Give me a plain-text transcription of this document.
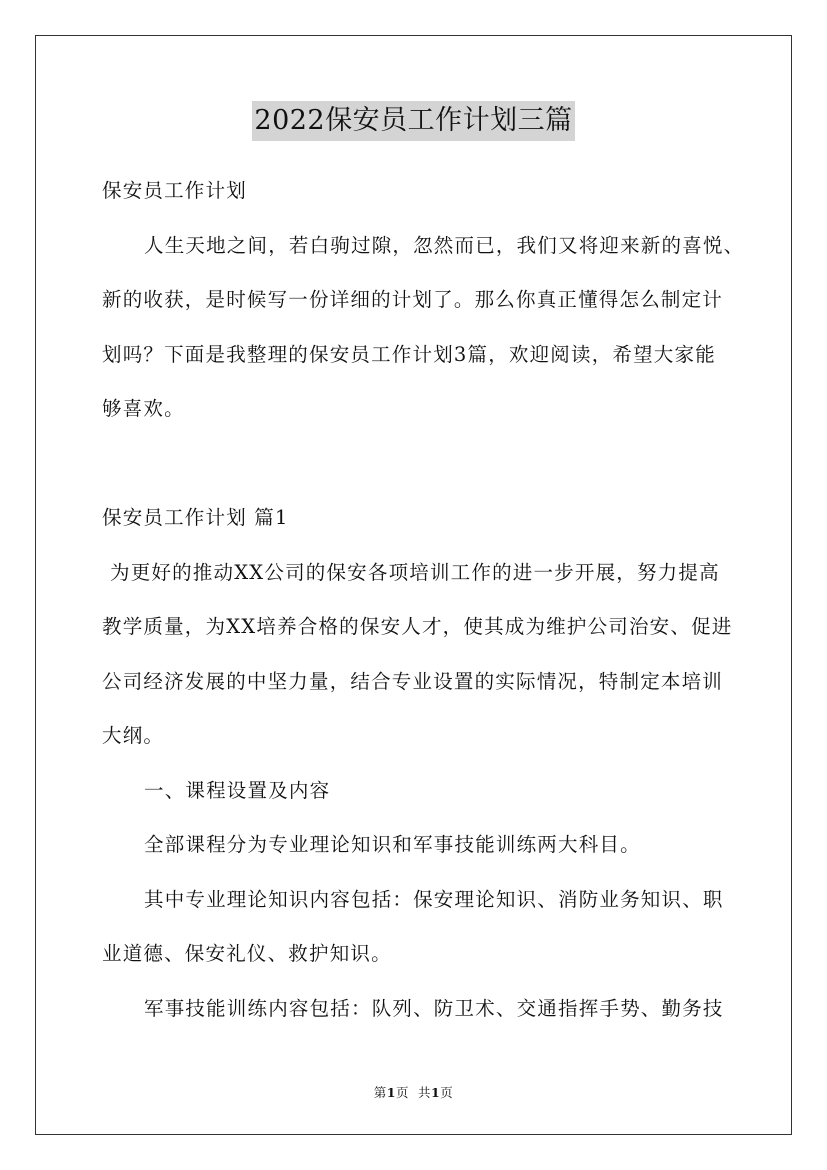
2022保安员工作计划三篇
保安员工作计划
人生天地之间，若白驹过隙，忽然而已，我们又将迎来新的喜悦、
新的收获，是时候写一份详细的计划了。那么你真正懂得怎么制定计
划吗？下面是我整理的保安员工作计划3篇，欢迎阅读，希望大家能
够喜欢。
保安员工作计划 篇1
为更好的推动XX公司的保安各项培训工作的进一步开展，努力提高
教学质量，为XX培养合格的保安人才，使其成为维护公司治安、促进
公司经济发展的中坚力量，结合专业设置的实际情况，特制定本培训
大纲。
一、课程设置及内容
全部课程分为专业理论知识和军事技能训练两大科目。
其中专业理论知识内容包括：保安理论知识、消防业务知识、职
业道德、保安礼仪、救护知识。
军事技能训练内容包括：队列、防卫术、交通指挥手势、勤务技
第1页 共1页
